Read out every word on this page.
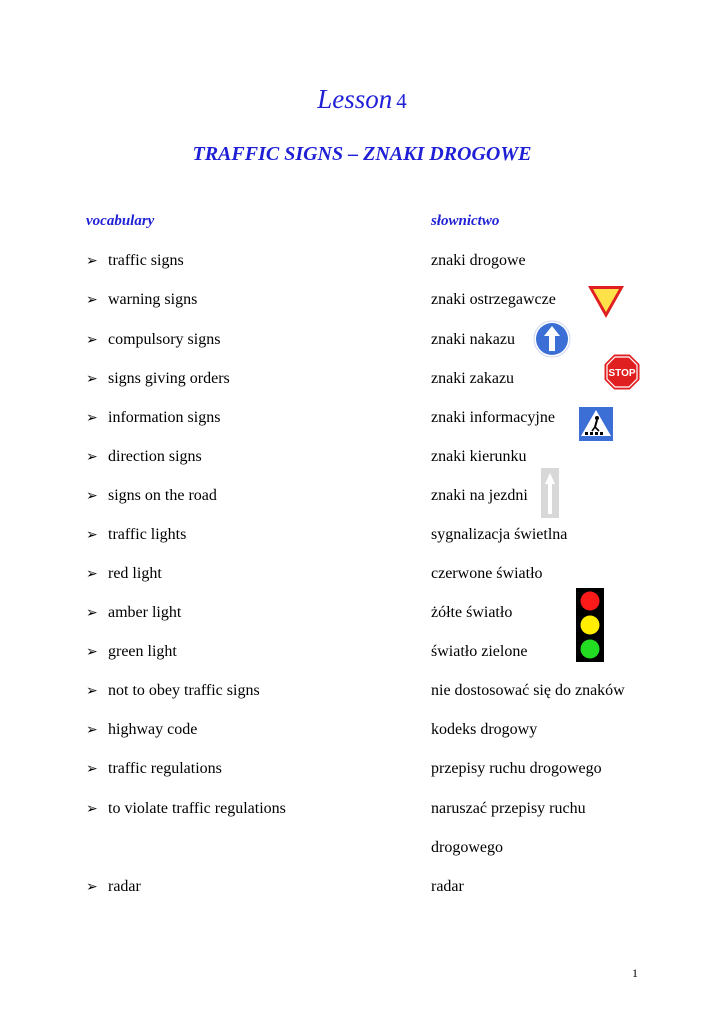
Lesson 4
TRAFFIC SIGNS – ZNAKI DROGOWE
vocabulary	słownictwo
➢ traffic signs	znaki drogowe
➢ warning signs	znaki ostrzegawcze
➢ compulsory signs	znaki nakazu
➢ signs giving orders	znaki zakazu
➢ information signs	znaki informacyjne
➢ direction signs	znaki kierunku
➢ signs on the road	znaki na jezdni
➢ traffic lights	sygnalizacja świetlna
➢ red light	czerwone światło
➢ amber light	żółte światło
➢ green light	światło zielone
➢ not to obey traffic signs	nie dostosować się do znaków
➢ highway code	kodeks drogowy
➢ traffic regulations	przepisy ruchu drogowego
➢ to violate traffic regulations	naruszać przepisy ruchu
drogowego
➢ radar	radar
STOP
1
